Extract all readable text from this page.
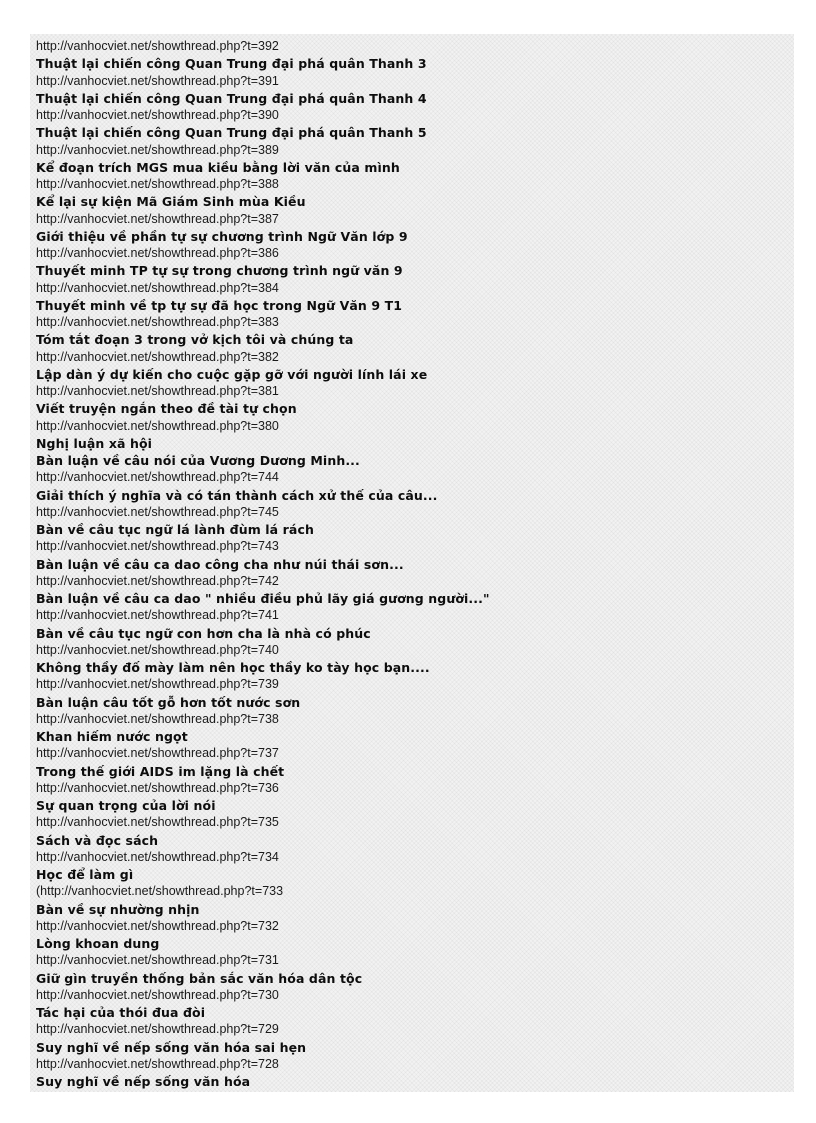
http://vanhocviet.net/showthread.php?t=392
Thuật lại chiến công Quan Trung đại phá quân Thanh 3
http://vanhocviet.net/showthread.php?t=391
Thuật lại chiến công Quan Trung đại phá quân Thanh 4
http://vanhocviet.net/showthread.php?t=390
Thuật lại chiến công Quan Trung đại phá quân Thanh 5
http://vanhocviet.net/showthread.php?t=389
Kể đoạn trích MGS mua kiều bằng lời văn của mình
http://vanhocviet.net/showthread.php?t=388
Kể lại sự kiện Mã Giám Sinh mùa Kiều
http://vanhocviet.net/showthread.php?t=387
Giới thiệu về phần tự sự chương trình Ngữ Văn lớp 9
http://vanhocviet.net/showthread.php?t=386
Thuyết minh TP tự sự trong chương trình ngữ văn 9
http://vanhocviet.net/showthread.php?t=384
Thuyết minh về tp tự sự đã học trong Ngữ Văn 9 T1
http://vanhocviet.net/showthread.php?t=383
Tóm tắt đoạn 3 trong vở kịch tôi và chúng ta
http://vanhocviet.net/showthread.php?t=382
Lập dàn ý dự kiến cho cuộc gặp gỡ với người lính lái xe
http://vanhocviet.net/showthread.php?t=381
Viết truyện ngắn theo đề tài tự chọn
http://vanhocviet.net/showthread.php?t=380
Nghị luận xã hội
Bàn luận về câu nói của Vương Dương Minh...
http://vanhocviet.net/showthread.php?t=744
Giải thích ý nghĩa và có tán thành cách xử thế của câu...
http://vanhocviet.net/showthread.php?t=745
Bàn về câu tục ngữ lá lành đùm lá rách
http://vanhocviet.net/showthread.php?t=743
Bàn luận về câu ca dao công cha như núi thái sơn...
http://vanhocviet.net/showthread.php?t=742
Bàn luận về câu ca dao " nhiều điều phủ lãy giá gương người..."
http://vanhocviet.net/showthread.php?t=741
Bàn về câu tục ngữ con hơn cha là nhà có phúc
http://vanhocviet.net/showthread.php?t=740
Không thầy đố mày làm nên học thầy ko tày học bạn....
http://vanhocviet.net/showthread.php?t=739
Bàn luận câu tốt gỗ hơn tốt nước sơn
http://vanhocviet.net/showthread.php?t=738
Khan hiếm nước ngọt
http://vanhocviet.net/showthread.php?t=737
Trong thế giới AIDS im lặng là chết
http://vanhocviet.net/showthread.php?t=736
Sự quan trọng của lời nói
http://vanhocviet.net/showthread.php?t=735
Sách và đọc sách
http://vanhocviet.net/showthread.php?t=734
Học để làm gì
(http://vanhocviet.net/showthread.php?t=733
Bàn về sự nhường nhịn
http://vanhocviet.net/showthread.php?t=732
Lòng khoan dung
http://vanhocviet.net/showthread.php?t=731
Giữ gìn truyền thống bản sắc văn hóa dân tộc
http://vanhocviet.net/showthread.php?t=730
Tác hại của thói đua đòi
http://vanhocviet.net/showthread.php?t=729
Suy nghĩ về nếp sống văn hóa sai hẹn
http://vanhocviet.net/showthread.php?t=728
Suy nghĩ về nếp sống văn hóa
